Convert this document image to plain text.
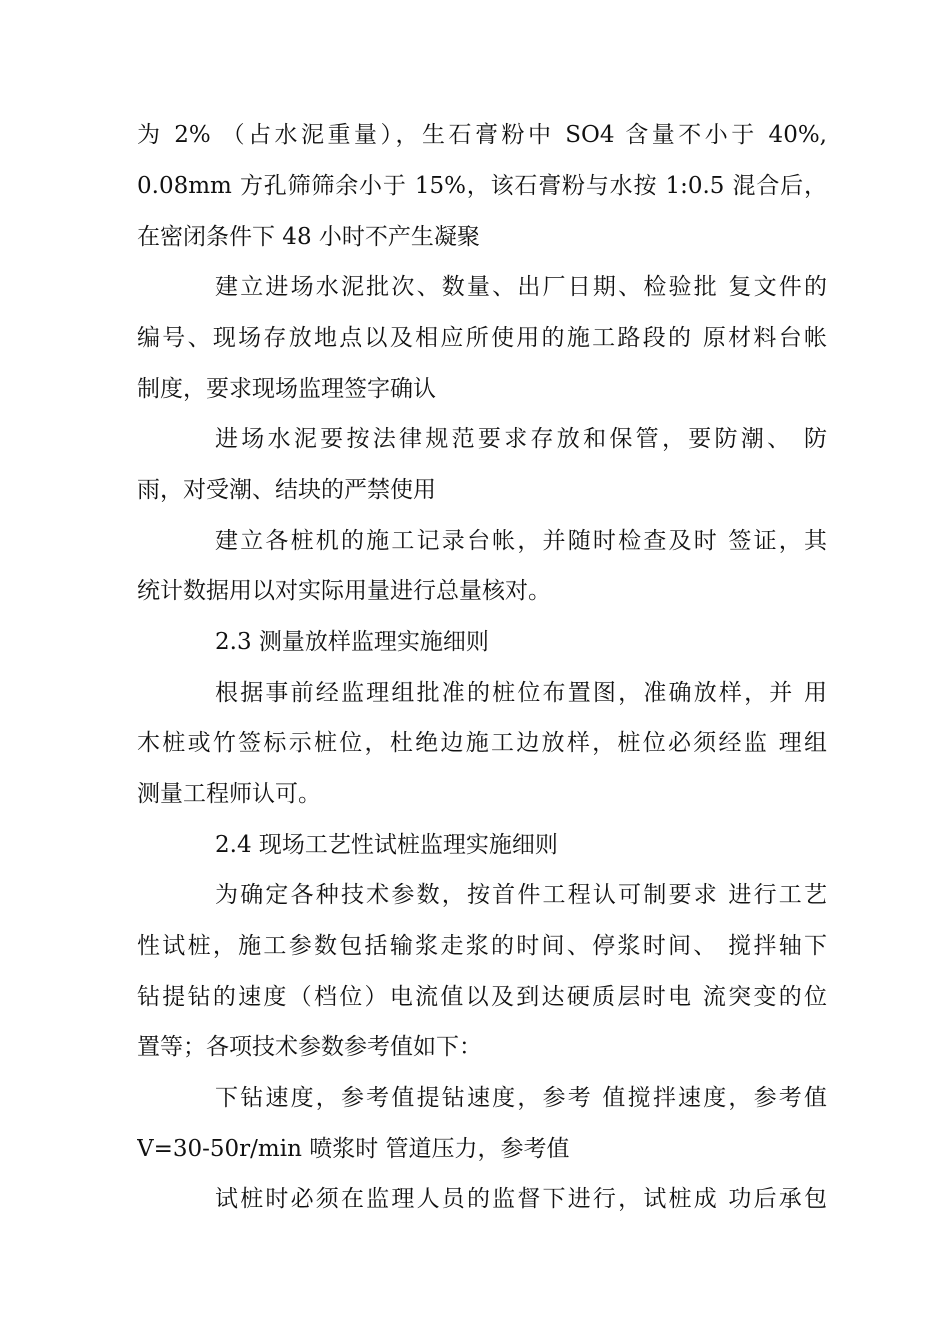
为 2% （占水泥重量），生石膏粉中 SO4 含量不小于 40%,
0.08mm 方孔筛筛余小于 15%，该石膏粉与水按 1:0.5 混合后，
在密闭条件下 48 小时不产生凝聚
建立进场水泥批次、数量、出厂日期、检验批 复文件的
编号、现场存放地点以及相应所使用的施工路段的 原材料台帐
制度，要求现场监理签字确认
进场水泥要按法律规范要求存放和保管，要防潮、 防
雨，对受潮、结块的严禁使用
建立各桩机的施工记录台帐，并随时检查及时 签证，其
统计数据用以对实际用量进行总量核对。
2.3 测量放样监理实施细则
根据事前经监理组批准的桩位布置图，准确放样，并 用
木桩或竹签标示桩位，杜绝边施工边放样，桩位必须经监 理组
测量工程师认可。
2.4 现场工艺性试桩监理实施细则
为确定各种技术参数，按首件工程认可制要求 进行工艺
性试桩，施工参数包括输浆走浆的时间、停浆时间、 搅拌轴下
钻提钻的速度（档位）电流值以及到达硬质层时电 流突变的位
置等；各项技术参数参考值如下：
下钻速度，参考值提钻速度，参考 值搅拌速度，参考值
V=30-50r/min 喷浆时 管道压力，参考值
试桩时必须在监理人员的监督下进行，试桩成 功后承包
